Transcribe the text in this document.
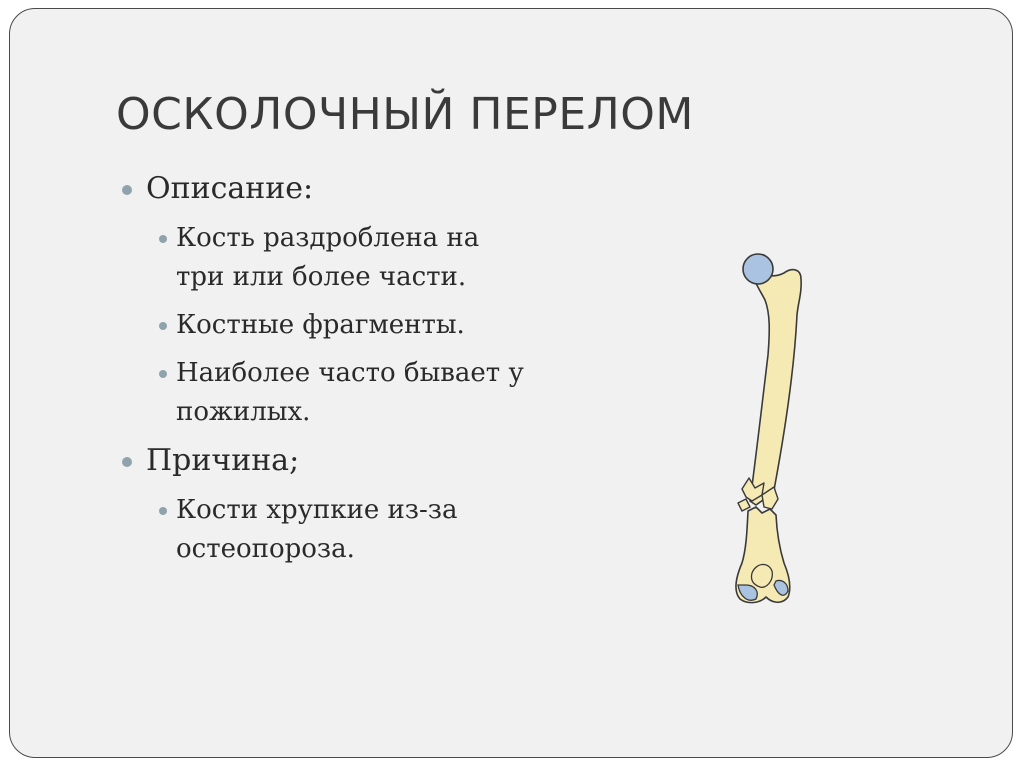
ОСКОЛОЧНЫЙ ПЕРЕЛОМ
Описание:
Кость раздроблена на три или более части.
Костные фрагменты.
Наиболее часто бывает у пожилых.
Причина;
Кости хрупкие из-за остеопороза.
